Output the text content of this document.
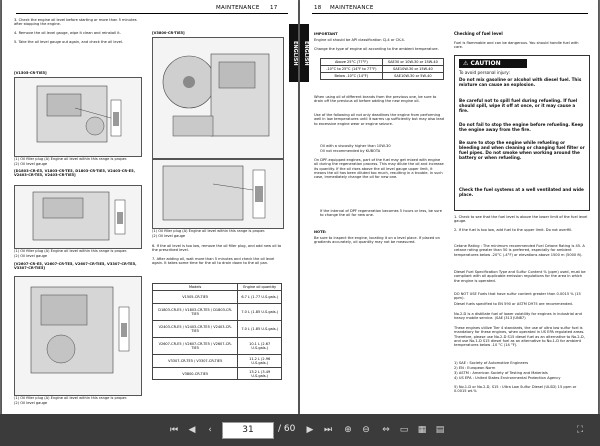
MAINTENANCE 17
ENGLISH
3. Check the engine oil level before starting or more than 5 minutes after stopping the engine.
4. Remove the oil level gauge, wipe it clean and reinstall it.
5. Take the oil level gauge out again, and check the oil level.
[V1505-CR-TIE5]
(1) Oil filler plug (A) Engine oil level within this range is proper.
(2) Oil level gauge
[D1803-CR-E5, V1803-CR-TE5, D1803-CR-TIE5, V2403-CR-E5, V2403-CR-TE5, V2403-CR-TIE5]
(1) Oil filler plug (A) Engine oil level within this range is proper.
(2) Oil level gauge
[V2607-CR-E5, V2607-CR-TE5, V2607-CR-TIE5, V3307-CR-TE5, V3307-CR-TIE5]
(1) Oil filler plug (A) Engine oil level within this range is proper.
(2) Oil level gauge
[V3800-CR-TIE5]
(1) Oil filler plug (A) Engine oil level within this range is proper.
(2) Oil level gauge
6. If the oil level is too low, remove the oil filler plug, and add new oil to the prescribed level.
7. After adding oil, wait more than 5 minutes and check the oil level again. It takes some time for the oil to drain down to the oil pan.
Models	Engine oil quantity
V1505-CR-TIE5	6.7 L (1.77 U.S.gals.)
D1803-CR-E5 / V1803-CR-TE5 / D1803-CR-TIE5	7.0 L (1.85 U.S.gals.)
V2403-CR-E5 / V2403-CR-TE5 / V2403-CR-TIE5	7.0 L (1.85 U.S.gals.)
V2607-CR-E5 / V2607-CR-TE5 / V2607-CR-TIE5	10.1 L (2.67 U.S.gals.)
V3307-CR-TE5 / V3307-CR-TIE5	11.2 L (2.96 U.S.gals.)
V3800-CR-TIE5	13.2 L (3.49 U.S.gals.)
18 MAINTENANCE
ENGLISH
IMPORTANT
Engine oil should be API classification CJ-4 or CK-4.
Change the type of engine oil according to the ambient temperature.
Above 25°C (77°F)	SAE30 or 10W-30 or 15W-40
-10°C to 25°C (14°F to 77°F)	SAE10W-30 or 15W-40
Below -10°C (14°F)	SAE10W-30 or 5W-40
When using oil of different brands from the previous one, be sure to drain off the previous oil before adding the new engine oil.
Use of the following oil not only deadlines the engine from performing well in low temperatures until it warms up sufficiently but may also lead to excessive engine wear or engine seizure.
Oil with a viscosity higher than 10W-30
Oil not recommended by KUBOTA
On DPF-equipped engines, part of the fuel may get mixed with engine oil during the regeneration process. This may dilute the oil and increase its quantity. If the oil rises above the oil level gauge upper limit, it means the oil has been diluted too much, resulting in a trouble. In such case, immediately change the oil for new one.
If the interval of DPF regeneration becomes 5 hours or less, be sure to change the oil for new one.
NOTE:
Be sure to inspect the engine, locating it on a level place. If placed on gradients accurately, oil quantity may not be measured.
Checking of fuel level
Fuel is flammable and can be dangerous. You should handle fuel with care.
⚠ CAUTION
To avoid personal injury:
Do not mix gasoline or alcohol with diesel fuel. This mixture can cause an explosion.
Be careful not to spill fuel during refueling. If fuel should spill, wipe it off at once, or it may cause a fire.
Do not fail to stop the engine before refueling. Keep the engine away from the fire.
Be sure to stop the engine while refueling or bleeding and when cleaning or changing fuel filter or fuel pipes. Do not smoke when working around the battery or when refueling.
Check the fuel systems at a well ventilated and wide place.
1. Check to see that the fuel level is above the lower limit of the fuel level gauge.
2. If the fuel is too low, add fuel to the upper limit. Do not overfill.
Cetane Rating : The minimum recommended Fuel Cetane Rating is 45. A cetane rating greater than 50 is preferred, especially for ambient temperatures below -20°C (-4°F) or elevations above 1500 m (5000 ft).
Diesel Fuel Specification Type and Sulfur Content % (ppm) used, must be compliant with all applicable emission regulations for the area in which the engine is operated.
DO NOT USE Fuels that have sulfur content greater than 0.0015 % (15 ppm).
Diesel fuels specified to EN 590 or ASTM D975 are recommended.
No.2-D is a distillate fuel of lower volatility for engines in industrial and heavy mobile service. (SAE J313 JUN87)
These engines utilize Tier 4 standards, the use of ultra low sulfur fuel is mandatory for these engines, when operated in US EPA regulated areas. Therefore, please use No.2-D S15 diesel fuel as an alternative to No.2-D, and use No.1-D S15 diesel fuel as an alternative to No.1-D for ambient temperatures below -10 °C (14 °F).
1) SAE : Society of Automotive Engineers
2) EN : European Norm
3) ASTM : American Society of Testing and Materials
4) US EPA : United States Environmental Protection Agency
5) No.1-D or No.2-D, S15 : Ultra Low Sulfur Diesel (ULSD) 15 ppm or 0.0015 wt.%
⏮ ◀	‹	31	/ 60 ▶ ⏭ ⊕ ⊖ ⇔ ▭ ▦ ▤	⛶
